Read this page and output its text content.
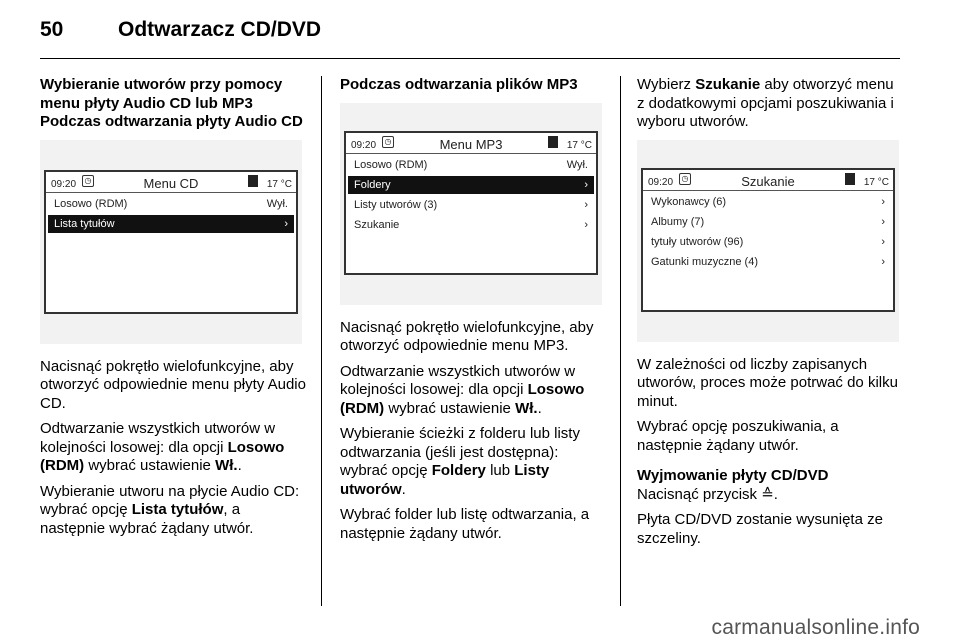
50	Odtwarzacz CD/DVD
Wybieranie utworów przy pomocy menu płyty Audio CD lub MP3
Podczas odtwarzania płyty Audio CD
09:20	◷	Menu CD	17 °C
Losowo (RDM)	Wył.
Lista tytułów	›

Nacisnąć pokrętło wielofunkcyjne, aby otworzyć odpowiednie menu płyty Audio CD.

Odtwarzanie wszystkich utworów w kolejności losowej: dla opcji Losowo (RDM) wybrać ustawienie Wł..

Wybieranie utworu na płycie Audio CD: wybrać opcję Lista tytułów, a następnie wybrać żądany utwór.

Podczas odtwarzania plików MP3
09:20	◷	Menu MP3	17 °C
Losowo (RDM)	Wył.
Foldery	›
Listy utworów (3)	›
Szukanie	›

Nacisnąć pokrętło wielofunkcyjne, aby otworzyć odpowiednie menu MP3.

Odtwarzanie wszystkich utworów w kolejności losowej: dla opcji Losowo (RDM) wybrać ustawienie Wł..

Wybieranie ścieżki z folderu lub listy odtwarzania (jeśli jest dostępna): wybrać opcję Foldery lub Listy utworów.

Wybrać folder lub listę odtwarzania, a następnie żądany utwór.

Wybierz Szukanie aby otworzyć menu z dodatkowymi opcjami poszukiwania i wyboru utworów.

09:20	◷	Szukanie	17 °C
Wykonawcy (6)	›
Albumy (7)	›
tytuły utworów (96)	›
Gatunki muzyczne (4)	›

W zależności od liczby zapisanych utworów, proces może potrwać do kilku minut.

Wybrać opcję poszukiwania, a następnie żądany utwór.

Wyjmowanie płyty CD/DVD

Nacisnąć przycisk ≙.

Płyta CD/DVD zostanie wysunięta ze szczeliny.

carmanualsonline.info
